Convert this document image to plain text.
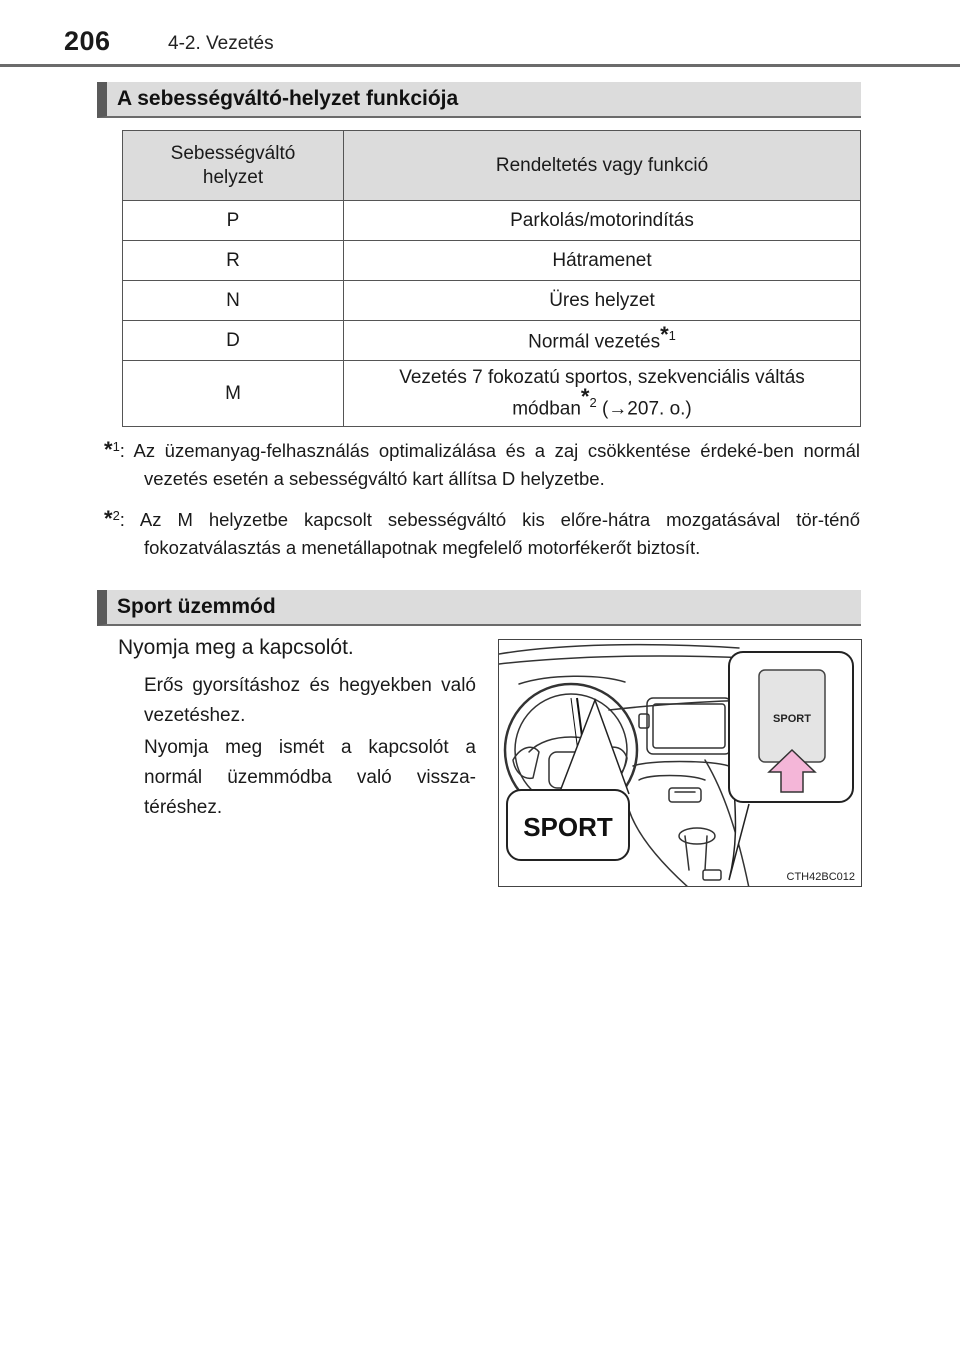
206	4-2. Vezetés
A sebességváltó-helyzet funkciója
Sebességváltó
helyzet	Rendeltetés vagy funkció
P	Parkolás/motorindítás
R	Hátramenet
N	Üres helyzet
D	Normál vezetés*$^1$
M	Vezetés 7 fokozatú sportos, szekvenciális váltás
módban*$^2$ (→207. o.)
*$^1$: Az üzemanyag-felhasználás optimalizálása és a zaj csökkentése érdeké-ben normál vezetés esetén a sebességváltó kart állítsa D helyzetbe.
*$^2$: Az M helyzetbe kapcsolt sebességváltó kis előre-hátra mozgatásával tör-ténő fokozatválasztás a menetállapotnak megfelelő motorfékerőt biztosít.
Sport üzemmód
Nyomja meg a kapcsolót.
Erős gyorsításhoz és hegyekben való vezetéshez.
Nyomja meg ismét a kapcsolót a normál üzemmódba való vissza-téréshez.
SPORT
SPORT
CTH42BC012
